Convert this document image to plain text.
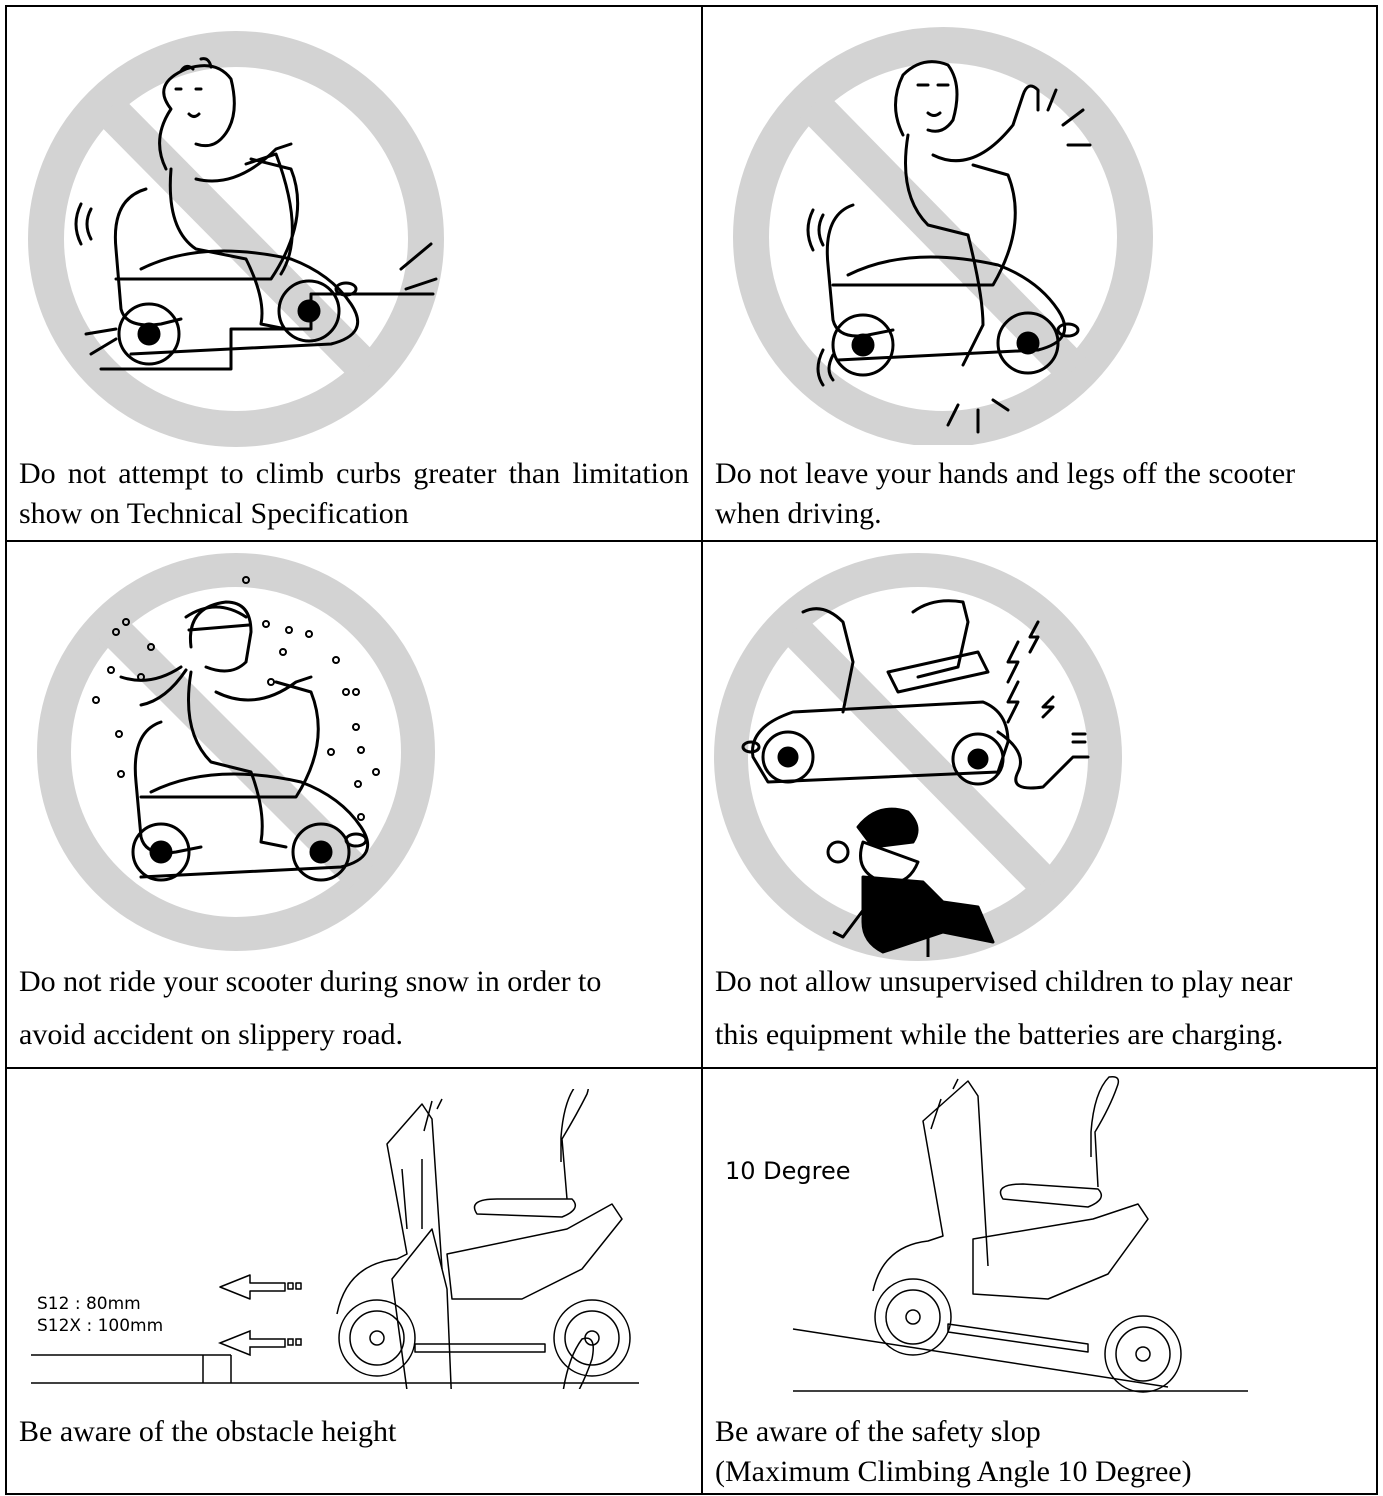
Do not attempt to climb curbs greater than limitation show on Technical Specification
Do not leave your hands and legs off the scooter when driving.
Do not ride your scooter during snow in order to
avoid accident on slippery road.
Do not allow unsupervised children to play near
this equipment while the batteries are charging.
S12 : 80mm
S12X : 100mm
Be aware of the obstacle height
10 Degree
Be aware of the safety slop
(Maximum Climbing Angle 10 Degree)
